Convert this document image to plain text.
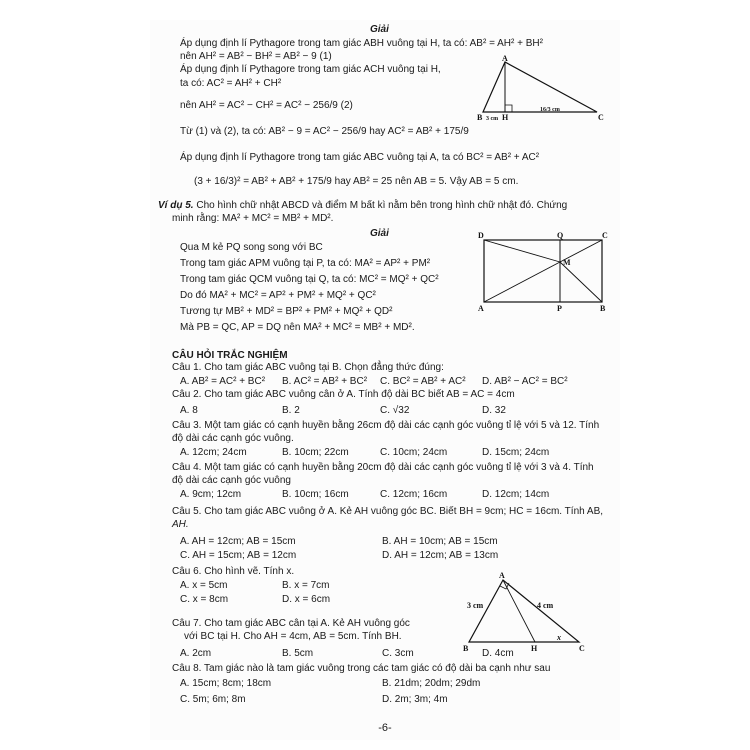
Giải
Áp dụng định lí Pythagore trong tam giác ABH vuông tại H, ta có: AB² = AH² + BH²
nên AH² = AB² − BH² = AB² − 9 (1)
Áp dụng định lí Pythagore trong tam giác ACH vuông tại H,
ta có: AC² = AH² + CH²
nên AH² = AC² − CH² = AC² − 256/9 (2)
Từ (1) và (2), ta có: AB² − 9 = AC² − 256/9 hay AC² = AB² + 175/9
Áp dụng định lí Pythagore trong tam giác ABC vuông tại A, ta có BC² = AB² + AC²
(3 + 16/3)² = AB² + AB² + 175/9 hay AB² = 25 nên AB = 5. Vậy AB = 5 cm.
A
B H	C
3 cm
16/3 cm
Ví dụ 5. Cho hình chữ nhật ABCD và điểm M bất kì nằm bên trong hình chữ nhật đó. Chứng
minh rằng: MA² + MC² = MB² + MD².
Giải
Qua M kẻ PQ song song với BC
Trong tam giác APM vuông tại P, ta có: MA² = AP² + PM²
Trong tam giác QCM vuông tại Q, ta có: MC² = MQ² + QC²
Do đó MA² + MC² = AP² + PM² + MQ² + QC²
Tương tự MB² + MD² = BP² + PM² + MQ² + QD²
Mà PB = QC, AP = DQ nên MA² + MC² = MB² + MD².
D	Q	C
M
A	P	B
CÂU HỎI TRẮC NGHIỆM
Câu 1. Cho tam giác ABC vuông tại B. Chọn đẳng thức đúng:
A. AB² = AC² + BC² B. AC² = AB² + BC² C. BC² = AB² + AC² D. AB² − AC² = BC²
Câu 2. Cho tam giác ABC vuông cân ở A. Tính độ dài BC biết AB = AC = 4cm
A. 8	B. 2	C. √32	D. 32
Câu 3. Một tam giác có cạnh huyền bằng 26cm độ dài các cạnh góc vuông tỉ lệ với 5 và 12. Tính
độ dài các cạnh góc vuông.
A. 12cm; 24cm	B. 10cm; 22cm	C. 10cm; 24cm	D. 15cm; 24cm
Câu 4. Một tam giác có cạnh huyền bằng 20cm độ dài các cạnh góc vuông tỉ lệ với 3 và 4. Tính
độ dài các cạnh góc vuông
A. 9cm; 12cm	B. 10cm; 16cm	C. 12cm; 16cm	D. 12cm; 14cm
Câu 5. Cho tam giác ABC vuông ở A. Kẻ AH vuông góc BC. Biết BH = 9cm; HC = 16cm. Tính AB,
AH.
A. AH = 12cm; AB = 15cm	B. AH = 10cm; AB = 15cm
C. AH = 15cm; AB = 12cm	D. AH = 12cm; AB = 13cm
Câu 6. Cho hình vẽ. Tính x.
A. x = 5cm	B. x = 7cm
C. x = 8cm	D. x = 6cm
A
B	H	C
3 cm	4 cm
x
Câu 7. Cho tam giác ABC cân tại A. Kẻ AH vuông góc
với BC tại H. Cho AH = 4cm, AB = 5cm. Tính BH.
A. 2cm	B. 5cm	C. 3cm	D. 4cm
Câu 8. Tam giác nào là tam giác vuông trong các tam giác có độ dài ba cạnh như sau
A. 15cm; 8cm; 18cm	B. 21dm; 20dm; 29dm
C. 5m; 6m; 8m	D. 2m; 3m; 4m
-6-
